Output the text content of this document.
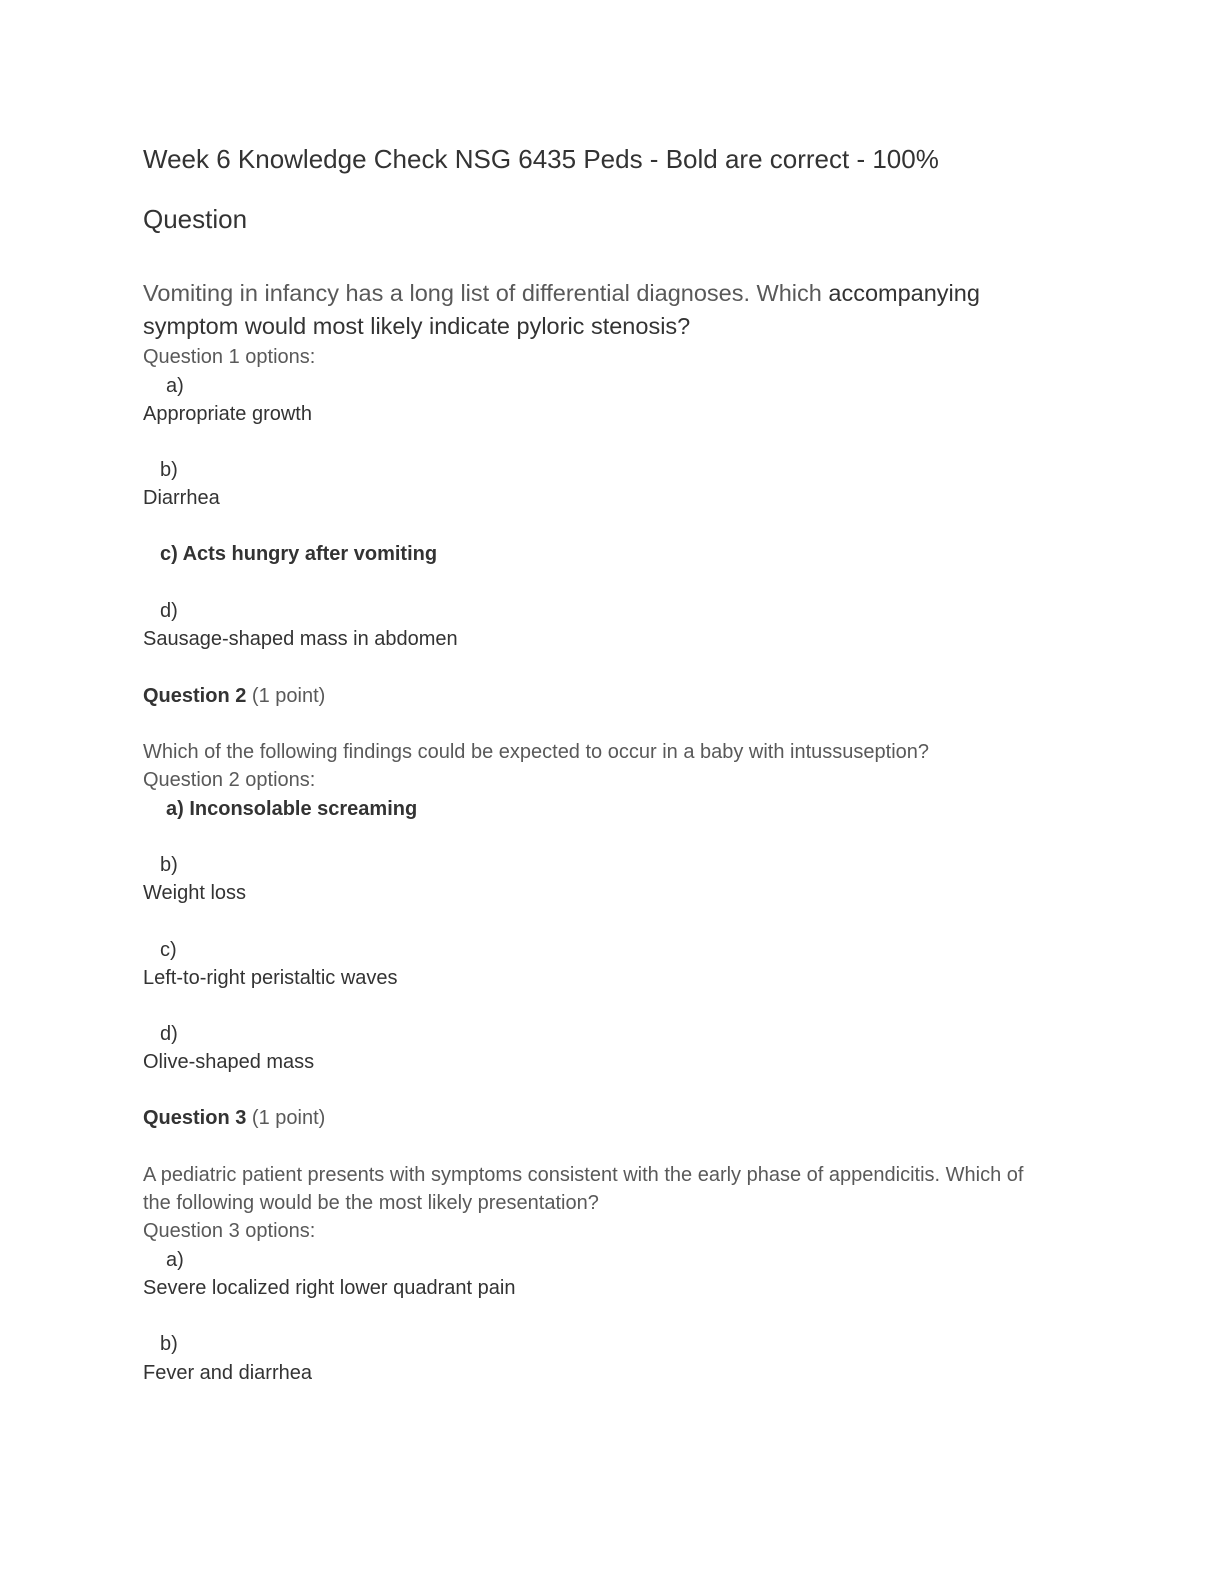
Week 6 Knowledge Check NSG 6435 Peds - Bold are correct - 100%
Question
Vomiting in infancy has a long list of differential diagnoses. Which accompanying
symptom would most likely indicate pyloric stenosis?
Question 1 options:
a)
Appropriate growth
b)
Diarrhea
c) Acts hungry after vomiting
d)
Sausage-shaped mass in abdomen
Question 2 (1 point)
Which of the following findings could be expected to occur in a baby with intussuseption?
Question 2 options:
a) Inconsolable screaming
b)
Weight loss
c)
Left-to-right peristaltic waves
d)
Olive-shaped mass
Question 3 (1 point)
A pediatric patient presents with symptoms consistent with the early phase of appendicitis. Which of
the following would be the most likely presentation?
Question 3 options:
a)
Severe localized right lower quadrant pain
b)
Fever and diarrhea
